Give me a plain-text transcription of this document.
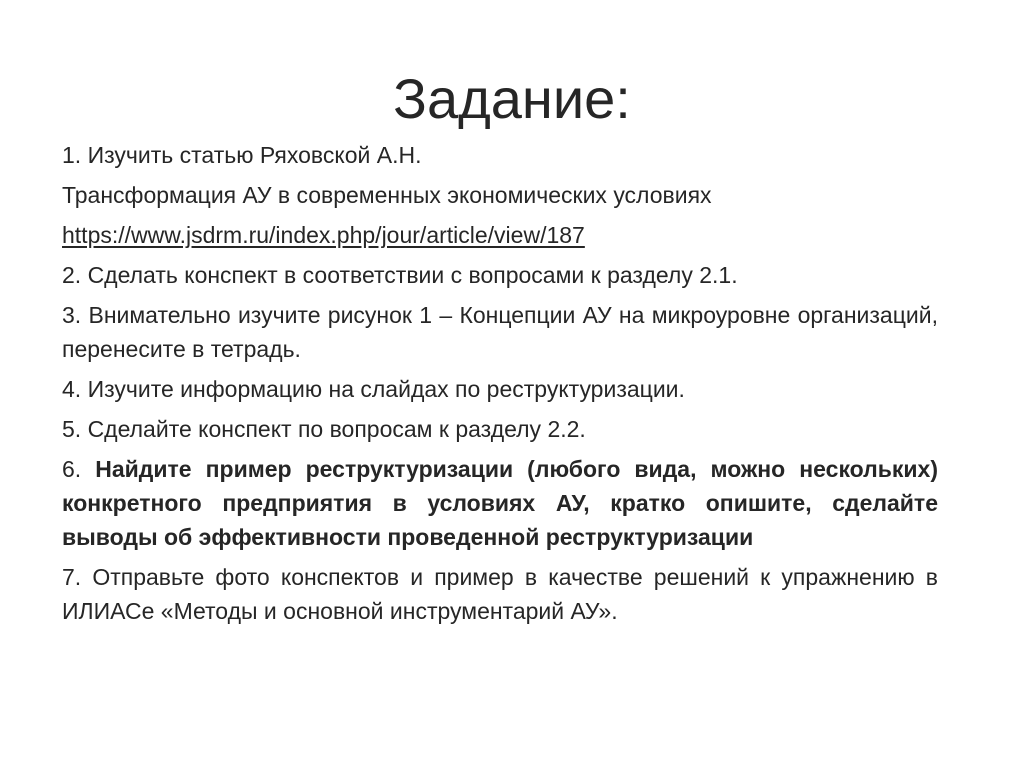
Задание:

1. Изучить статью Ряховской А.Н.

Трансформация АУ в современных экономических условиях

https://www.jsdrm.ru/index.php/jour/article/view/187

2. Сделать конспект в соответствии с вопросами к разделу 2.1.

3. Внимательно изучите рисунок 1 – Концепции АУ на микроуровне организаций, перенесите в тетрадь.

4. Изучите информацию на слайдах по реструктуризации.

5. Сделайте конспект по вопросам к разделу 2.2.

6. Найдите пример реструктуризации (любого вида, можно нескольких) конкретного предприятия в условиях АУ, кратко опишите, сделайте выводы об эффективности проведенной реструктуризации

7. Отправьте фото конспектов и пример в качестве решений к упражнению в ИЛИАСе «Методы и основной инструментарий АУ».
